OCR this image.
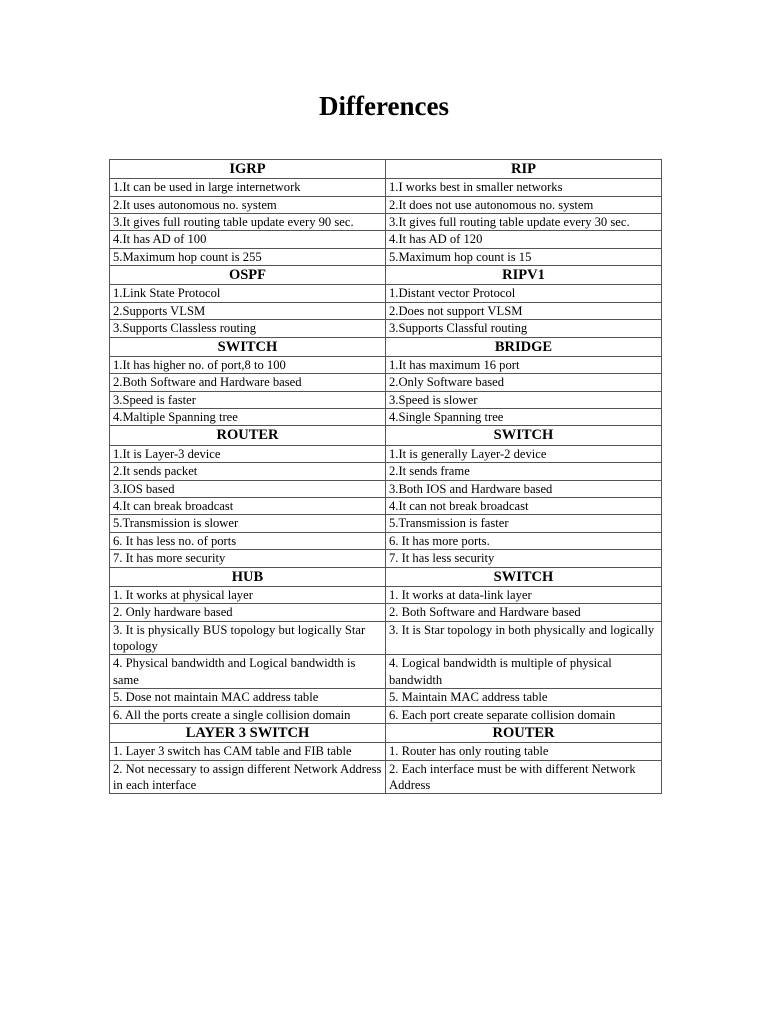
Differences
IGRP	RIP
1.It can be used in large internetwork	1.I works best in smaller networks
2.It uses autonomous no. system	2.It does not use autonomous no. system
3.It gives full routing table update every 90 sec.	3.It gives full routing table update every 30 sec.
4.It has AD of 100	4.It has AD of 120
5.Maximum hop count is 255	5.Maximum hop count is 15
OSPF	RIPV1
1.Link State Protocol	1.Distant vector Protocol
2.Supports VLSM	2.Does not support VLSM
3.Supports Classless routing	3.Supports Classful routing
SWITCH	BRIDGE
1.It has higher no. of port,8 to 100	1.It has maximum 16 port
2.Both Software and Hardware based	2.Only Software based
3.Speed is faster	3.Speed is slower
4.Maltiple Spanning tree	4.Single Spanning tree
ROUTER	SWITCH
1.It is Layer-3 device	1.It is generally Layer-2 device
2.It sends packet	2.It sends frame
3.IOS based	3.Both IOS and Hardware based
4.It can break broadcast	4.It can not break broadcast
5.Transmission is slower	5.Transmission is faster
6. It has less no. of ports	6. It has more ports.
7. It has more security	7. It has less security
HUB	SWITCH
1. It works at physical layer	1. It works at data-link layer
2. Only hardware based	2. Both Software and Hardware based
3. It is physically BUS topology but logically Star topology	3. It is Star topology in both physically and logically
4. Physical bandwidth and Logical bandwidth is same	4. Logical bandwidth is multiple of physical bandwidth
5. Dose not maintain MAC address table	5. Maintain MAC address table
6. All the ports create a single collision domain	6. Each port create separate collision domain
LAYER 3 SWITCH	ROUTER
1. Layer 3 switch has CAM table and FIB table	1. Router has only routing table
2. Not necessary to assign different Network Address in each interface	2. Each interface must be with different Network Address
